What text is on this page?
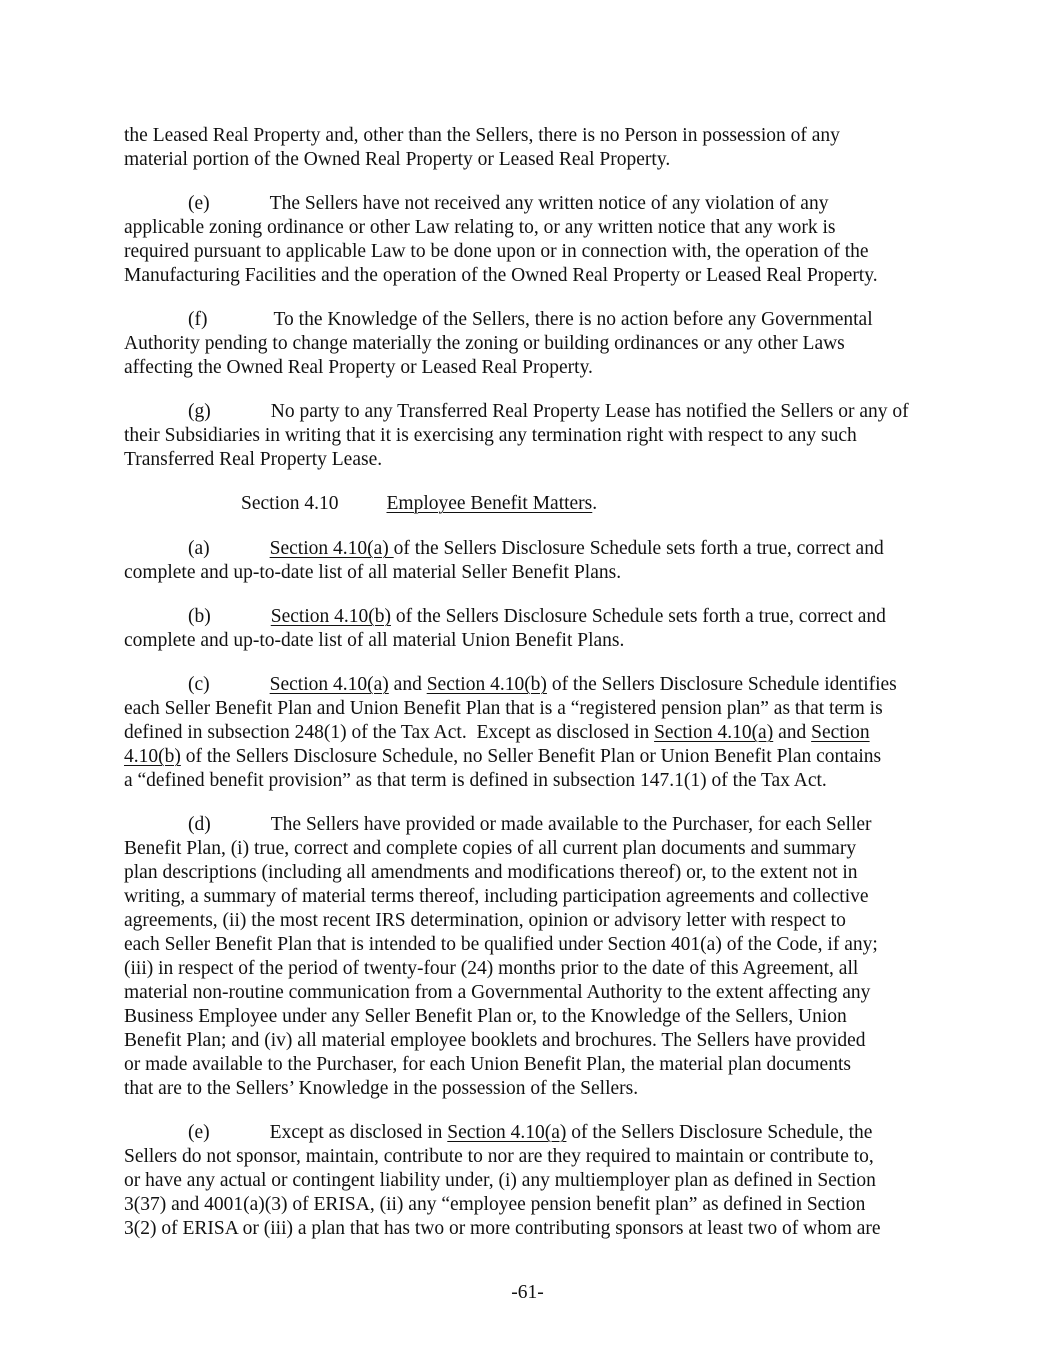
the Leased Real Property and, other than the Sellers, there is no Person in possession of any
material portion of the Owned Real Property or Leased Real Property.
(e)	The Sellers have not received any written notice of any violation of any
applicable zoning ordinance or other Law relating to, or any written notice that any work is
required pursuant to applicable Law to be done upon or in connection with, the operation of the
Manufacturing Facilities and the operation of the Owned Real Property or Leased Real Property.
(f)	To the Knowledge of the Sellers, there is no action before any Governmental
Authority pending to change materially the zoning or building ordinances or any other Laws
affecting the Owned Real Property or Leased Real Property.
(g)	No party to any Transferred Real Property Lease has notified the Sellers or any of
their Subsidiaries in writing that it is exercising any termination right with respect to any such
Transferred Real Property Lease.
Section 4.10 Employee Benefit Matters.
(a)	Section 4.10(a) of the Sellers Disclosure Schedule sets forth a true, correct and
complete and up-to-date list of all material Seller Benefit Plans.
(b)	Section 4.10(b) of the Sellers Disclosure Schedule sets forth a true, correct and
complete and up-to-date list of all material Union Benefit Plans.
(c)	Section 4.10(a) and Section 4.10(b) of the Sellers Disclosure Schedule identifies
each Seller Benefit Plan and Union Benefit Plan that is a “registered pension plan” as that term is
defined in subsection 248(1) of the Tax Act.  Except as disclosed in Section 4.10(a) and Section
4.10(b) of the Sellers Disclosure Schedule, no Seller Benefit Plan or Union Benefit Plan contains
a “defined benefit provision” as that term is defined in subsection 147.1(1) of the Tax Act.
(d)	The Sellers have provided or made available to the Purchaser, for each Seller
Benefit Plan, (i) true, correct and complete copies of all current plan documents and summary
plan descriptions (including all amendments and modifications thereof) or, to the extent not in
writing, a summary of material terms thereof, including participation agreements and collective
agreements, (ii) the most recent IRS determination, opinion or advisory letter with respect to
each Seller Benefit Plan that is intended to be qualified under Section 401(a) of the Code, if any;
(iii) in respect of the period of twenty-four (24) months prior to the date of this Agreement, all
material non-routine communication from a Governmental Authority to the extent affecting any
Business Employee under any Seller Benefit Plan or, to the Knowledge of the Sellers, Union
Benefit Plan; and (iv) all material employee booklets and brochures. The Sellers have provided
or made available to the Purchaser, for each Union Benefit Plan, the material plan documents
that are to the Sellers’ Knowledge in the possession of the Sellers.
(e)	Except as disclosed in Section 4.10(a) of the Sellers Disclosure Schedule, the
Sellers do not sponsor, maintain, contribute to nor are they required to maintain or contribute to,
or have any actual or contingent liability under, (i) any multiemployer plan as defined in Section
3(37) and 4001(a)(3) of ERISA, (ii) any “employee pension benefit plan” as defined in Section
3(2) of ERISA or (iii) a plan that has two or more contributing sponsors at least two of whom are
-61-
